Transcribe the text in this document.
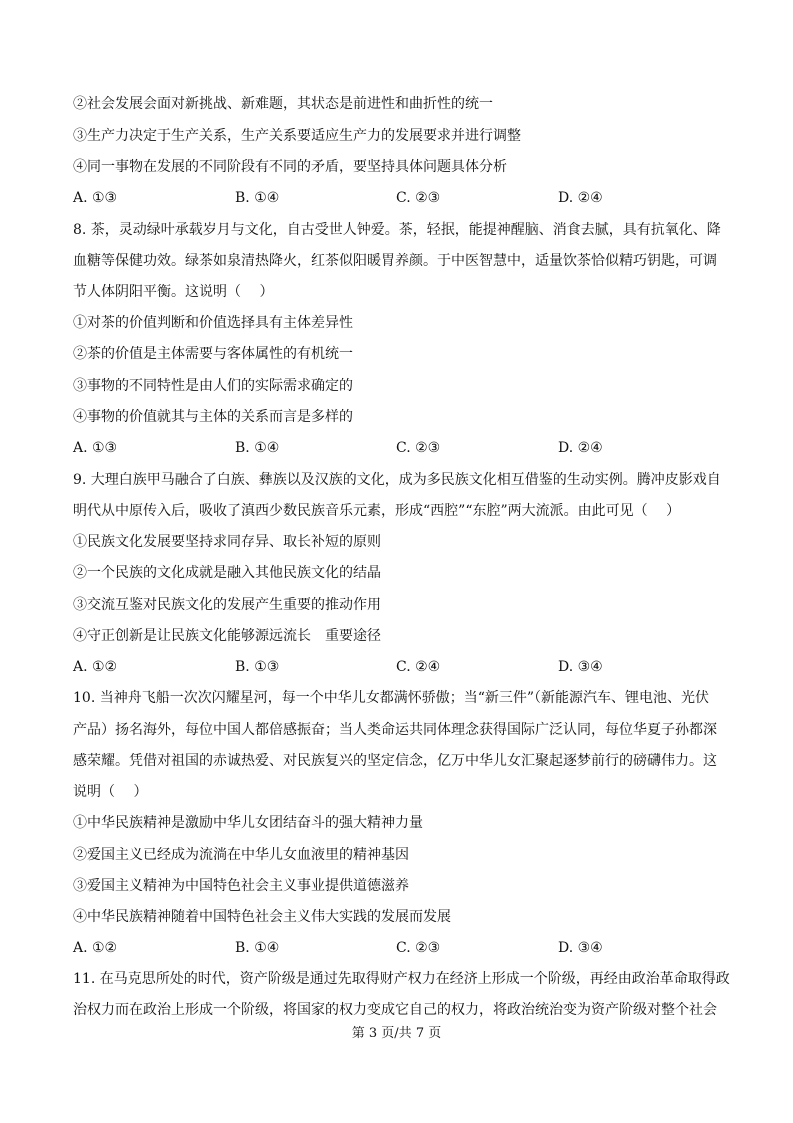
②社会发展会面对新挑战、新难题，其状态是前进性和曲折性的统一
③生产力决定于生产关系，生产关系要适应生产力的发展要求并进行调整
④同一事物在发展的不同阶段有不同的矛盾，要坚持具体问题具体分析
A. ①③	B. ①④	C. ②③	D. ②④
8. 茶，灵动绿叶承载岁月与文化，自古受世人钟爱。茶，轻抿，能提神醒脑、消食去腻，具有抗氧化、降
血糖等保健功效。绿茶如泉清热降火，红茶似阳暖胃养颜。于中医智慧中，适量饮茶恰似精巧钥匙，可调
节人体阴阳平衡。这说明（　 ）
①对茶的价值判断和价值选择具有主体差异性
②茶的价值是主体需要与客体属性的有机统一
③事物的不同特性是由人们的实际需求确定的
④事物的价值就其与主体的关系而言是多样的
A. ①③	B. ①④	C. ②③	D. ②④
9. 大理白族甲马融合了白族、彝族以及汉族的文化，成为多民族文化相互借鉴的生动实例。腾冲皮影戏自
明代从中原传入后，吸收了滇西少数民族音乐元素，形成“西腔”“东腔”两大流派。由此可见（　 ）
①民族文化发展要坚持求同存异、取长补短的原则
②一个民族的文化成就是融入其他民族文化的结晶
③交流互鉴对民族文化的发展产生重要的推动作用
④守正创新是让民族文化能够源远流长　重要途径
A. ①②	B. ①③	C. ②④	D. ③④
10. 当神舟飞船一次次闪耀星河，每一个中华儿女都满怀骄傲；当“新三件”（新能源汽车、锂电池、光伏
产品）扬名海外，每位中国人都倍感振奋；当人类命运共同体理念获得国际广泛认同，每位华夏子孙都深
感荣耀。凭借对祖国的赤诚热爱、对民族复兴的坚定信念，亿万中华儿女汇聚起逐梦前行的磅礴伟力。这
说明（　 ）
①中华民族精神是激励中华儿女团结奋斗的强大精神力量
②爱国主义已经成为流淌在中华儿女血液里的精神基因
③爱国主义精神为中国特色社会主义事业提供道德滋养
④中华民族精神随着中国特色社会主义伟大实践的发展而发展
A. ①②	B. ①④	C. ②③	D. ③④
11. 在马克思所处的时代，资产阶级是通过先取得财产权力在经济上形成一个阶级，再经由政治革命取得政
治权力而在政治上形成一个阶级，将国家的权力变成它自己的权力，将政治统治变为资产阶级对整个社会
第 3 页/共 7 页
